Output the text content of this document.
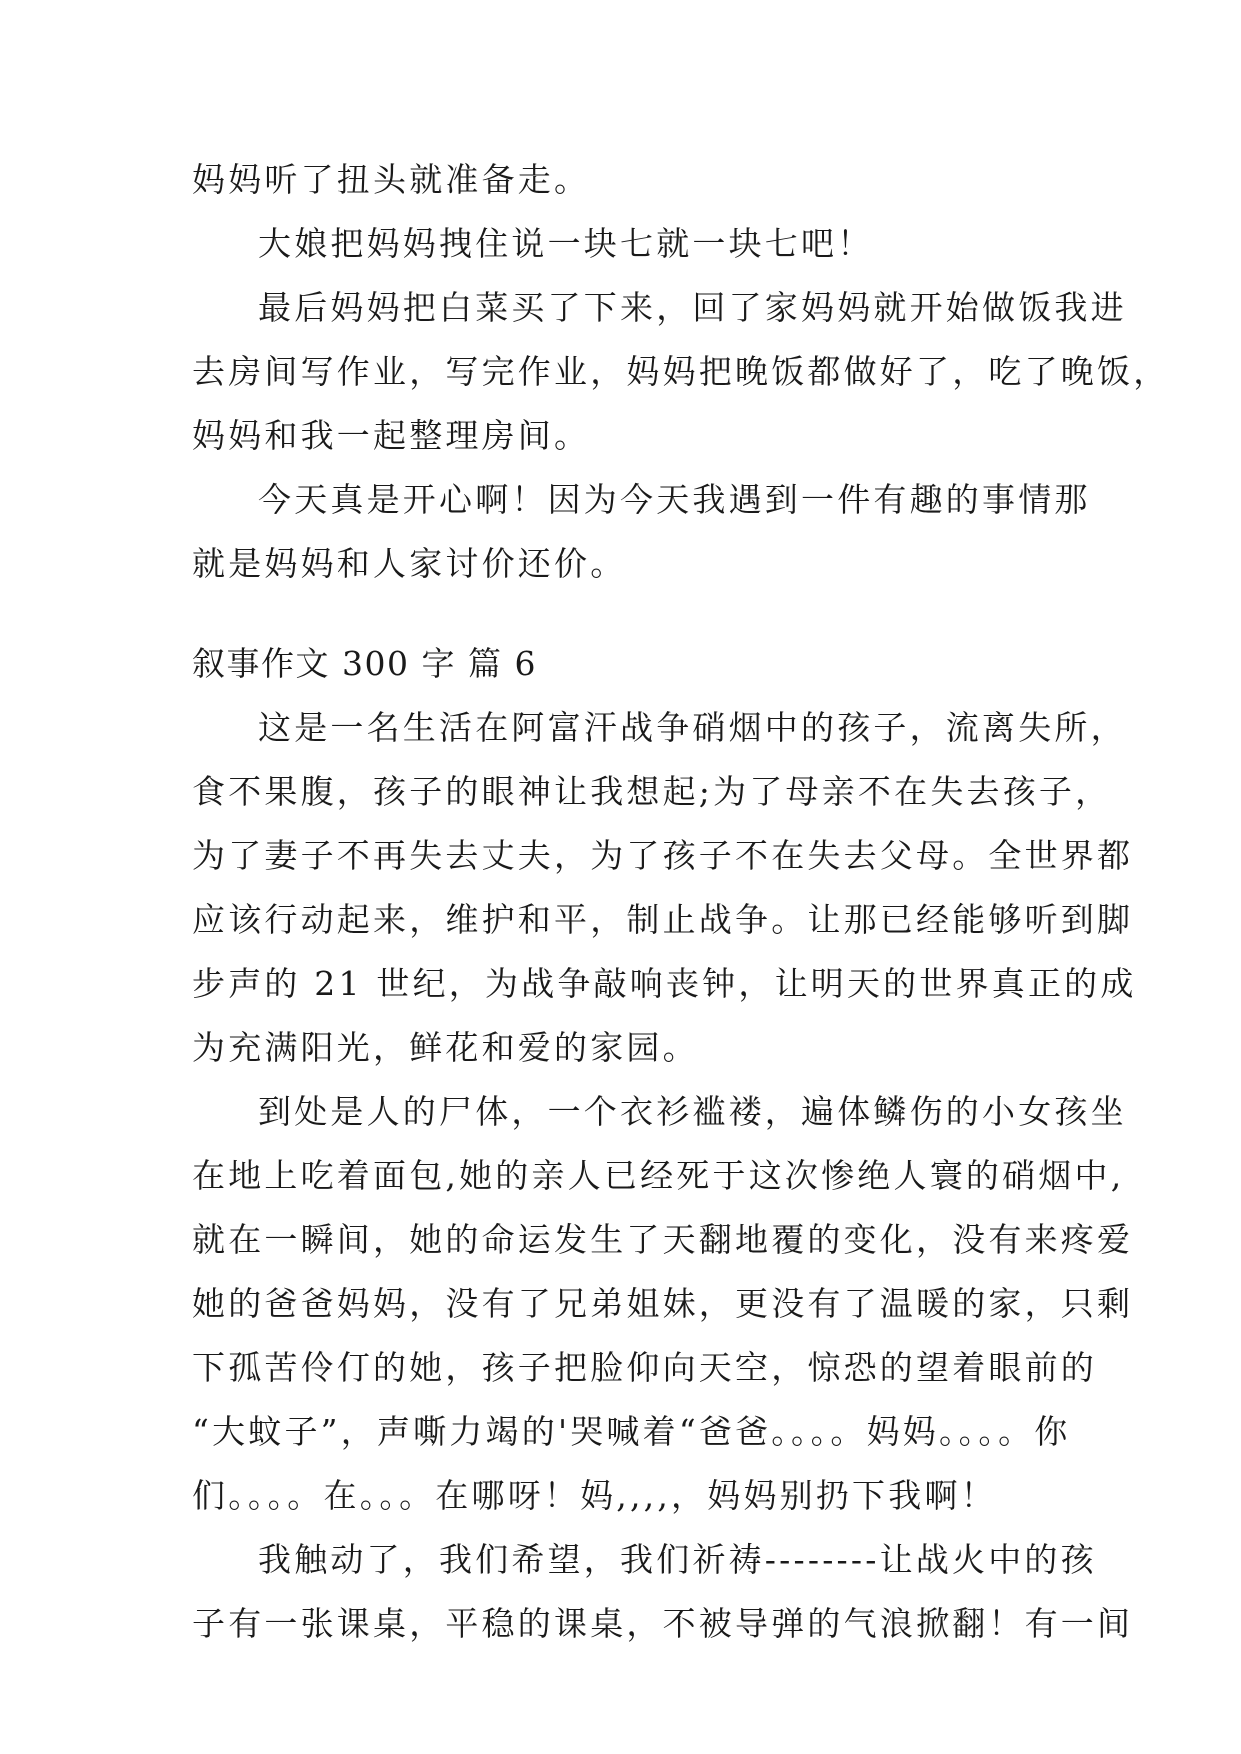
妈妈听了扭头就准备走。
大娘把妈妈拽住说一块七就一块七吧！
最后妈妈把白菜买了下来，回了家妈妈就开始做饭我进
去房间写作业，写完作业，妈妈把晚饭都做好了，吃了晚饭，
妈妈和我一起整理房间。
今天真是开心啊！因为今天我遇到一件有趣的事情那
就是妈妈和人家讨价还价。
叙事作文 300 字 篇 6
这是一名生活在阿富汗战争硝烟中的孩子，流离失所，
食不果腹，孩子的眼神让我想起;为了母亲不在失去孩子，
为了妻子不再失去丈夫，为了孩子不在失去父母。全世界都
应该行动起来，维护和平，制止战争。让那已经能够听到脚
步声的 21 世纪，为战争敲响丧钟，让明天的世界真正的成
为充满阳光，鲜花和爱的家园。
到处是人的尸体，一个衣衫褴褛，遍体鳞伤的小女孩坐
在地上吃着面包,她的亲人已经死于这次惨绝人寰的硝烟中,
就在一瞬间，她的命运发生了天翻地覆的变化，没有来疼爱
她的爸爸妈妈，没有了兄弟姐妹，更没有了温暖的家，只剩
下孤苦伶仃的她，孩子把脸仰向天空，惊恐的望着眼前的
“大蚊子”，声嘶力竭的'哭喊着“爸爸。。。。妈妈。。。。你
们。。。。在。。。在哪呀！妈,,,,，妈妈别扔下我啊！
我触动了，我们希望，我们祈祷--------让战火中的孩
子有一张课桌，平稳的课桌，不被导弹的气浪掀翻！有一间
